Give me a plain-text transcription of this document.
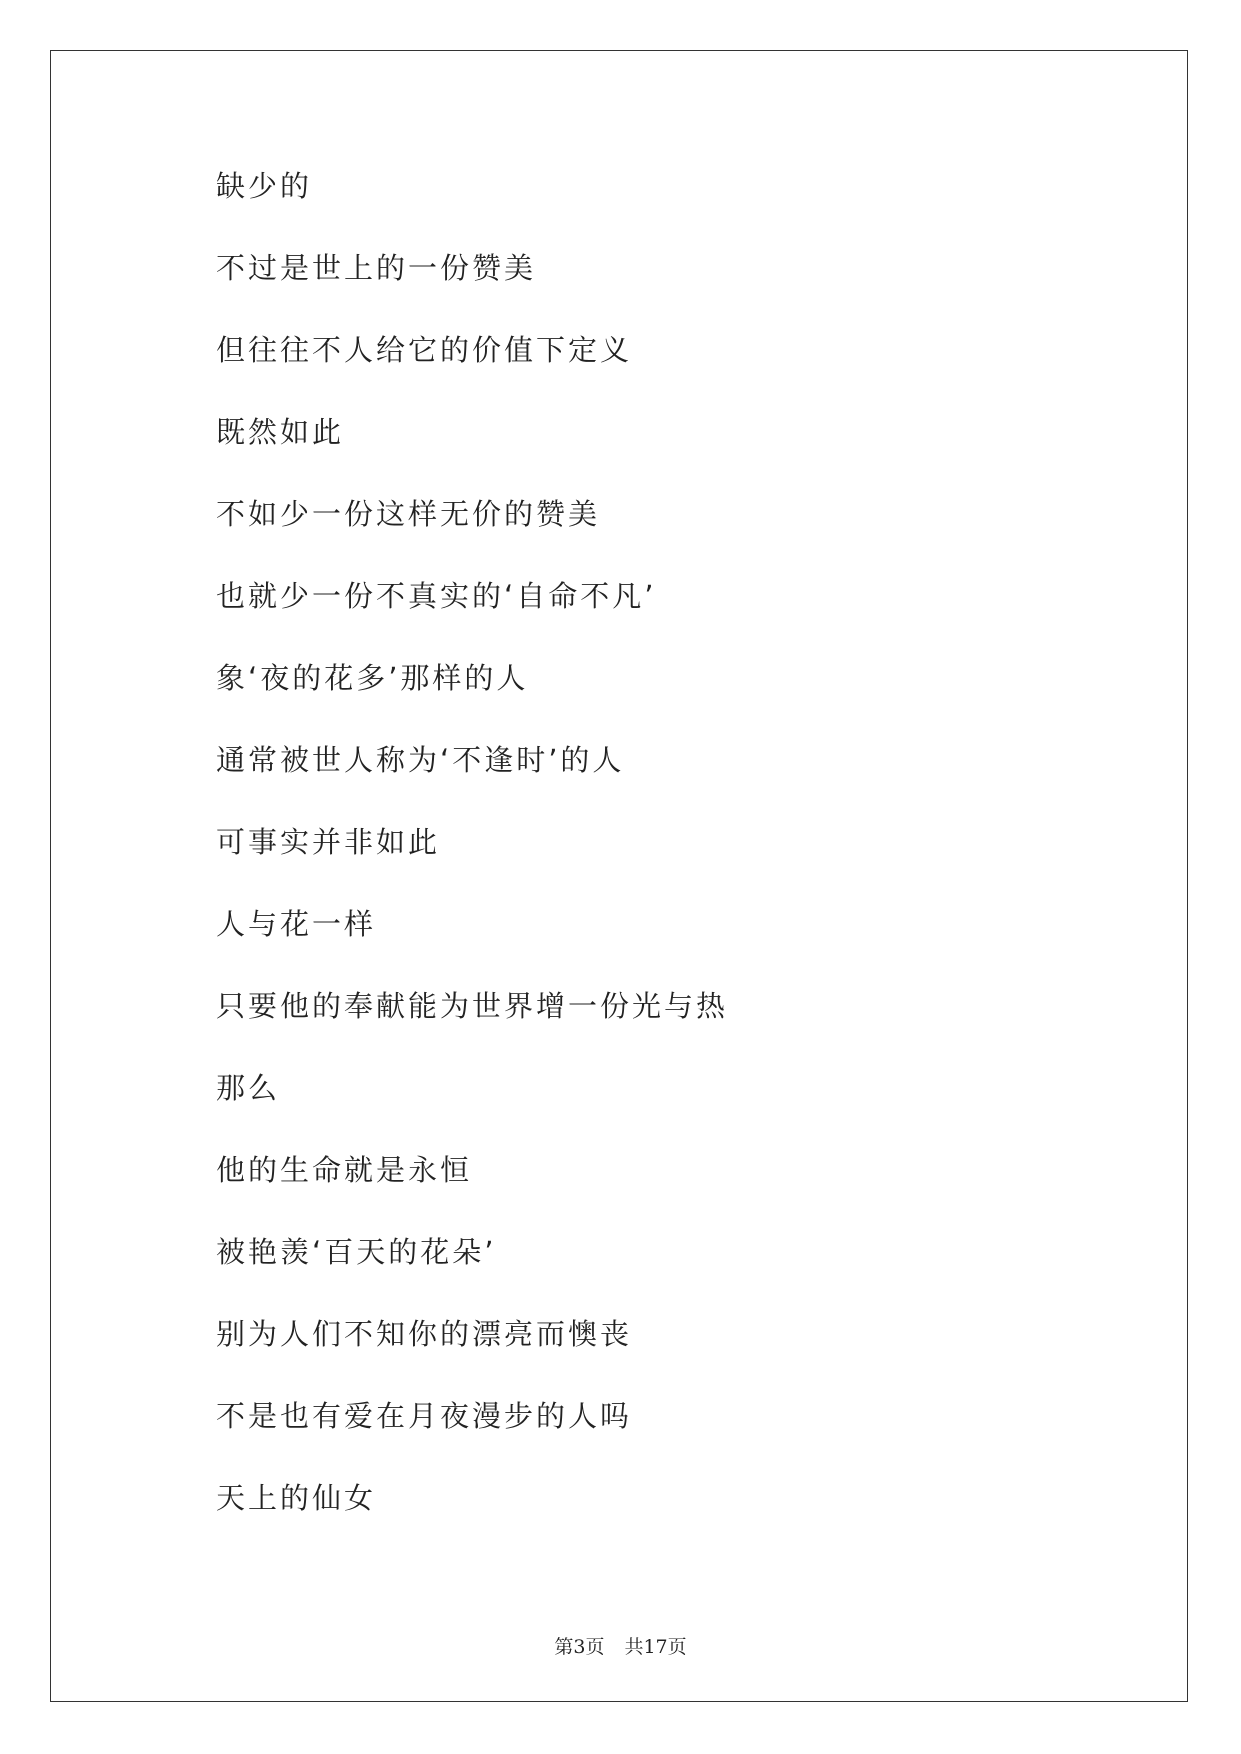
缺少的
不过是世上的一份赞美
但往往不人给它的价值下定义
既然如此
不如少一份这样无价的赞美
也就少一份不真实的‘自命不凡’
象‘夜的花多’那样的人
通常被世人称为‘不逢时’的人
可事实并非如此
人与花一样
只要他的奉献能为世界增一份光与热
那么
他的生命就是永恒
被艳羡‘百天的花朵’
别为人们不知你的漂亮而懊丧
不是也有爱在月夜漫步的人吗
天上的仙女
第3页 共17页
